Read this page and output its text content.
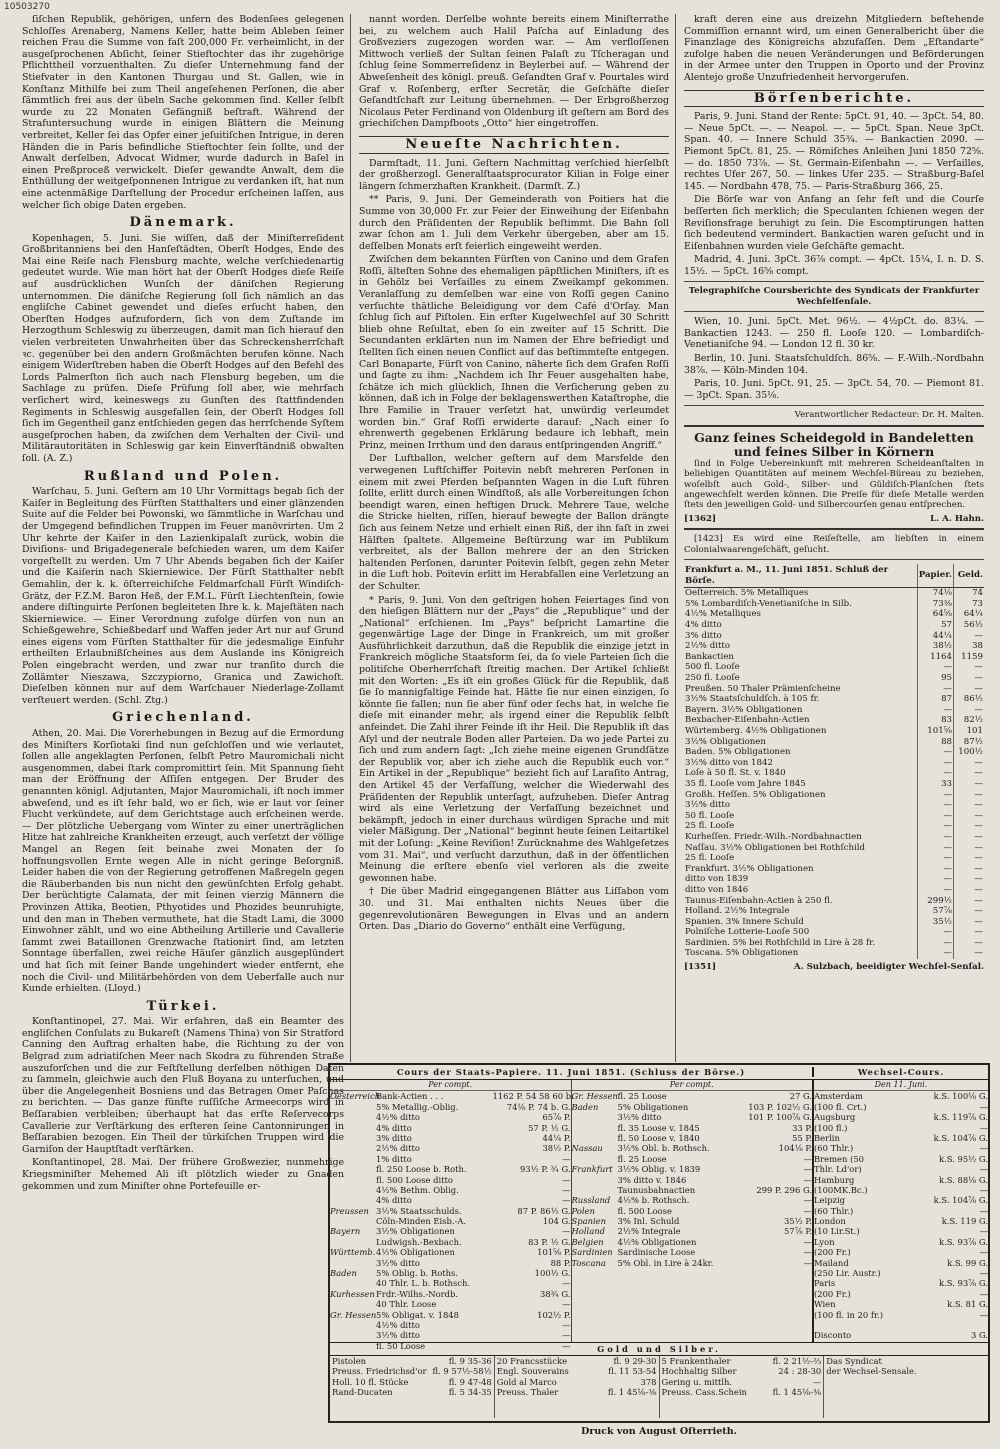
10503270

ſiſchen Republik, gehörigen, unfern des Bodenſees gelegenen Schloſſes Arenaberg, Namens Keller, hatte beim Ableben ſeiner reichen Frau die Summe von faſt 200,000 Fr. verheimlicht, in der ausgeſprochenen Abſicht, ſeiner Stieftochter das ihr zugehörige Pflichttheil vorzuenthalten. Zu dieſer Unternehmung fand der Stiefvater in den Kantonen Thurgau und St. Gallen, wie in Konſtanz Mithilfe bei zum Theil angeſehenen Perſonen, die aber ſämmtlich frei aus der übeln Sache gekommen ſind. Keller ſelbſt wurde zu 22 Monaten Gefängniß beſtraft. Während der Strafuntersuchung wurde in einigen Blättern die Meinung verbreitet, Keller ſei das Opfer einer jeſuitiſchen Intrigue, in deren Händen die in Paris befindliche Stieftochter ſein ſollte, und der Anwalt derſelben, Advocat Widmer, wurde dadurch in Baſel in einen Preßproceß verwickelt. Dieſer gewandte Anwalt, dem die Enthüllung der weitgeſponnenen Intrigue zu verdanken iſt, hat nun eine actenmäßige Darſtellung der Procedur erſcheinen laſſen, aus welcher ſich obige Daten ergeben.

Dänemark.

Kopenhagen, 5. Juni. Sie wiſſen, daß der Miniſterreſident Großbritanniens bei den Hanſeſtädten, Oberſt Hodges, Ende des Mai eine Reiſe nach Flensburg machte, welche verſchiedenartig gedeutet wurde. Wie man hört hat der Oberſt Hodges dieſe Reiſe auf ausdrücklichen Wunſch der däniſchen Regierung unternommen. Die däniſche Regierung ſoll ſich nämlich an das engliſche Cabinet gewendet und dieſes erſucht haben, den Oberſten Hodges aufzufordern, ſich von dem Zuſtande im Herzogthum Schleswig zu überzeugen, damit man ſich hierauf den vielen verbreiteten Unwahrheiten über das Schreckensherrſchaft ꝛc. gegenüber bei den andern Großmächten berufen könne. Nach einigem Widerſtreben haben die Oberſt Hodges auf den Befehl des Lords Palmerſton ſich auch nach Flensburg begeben, um die Sachlage zu prüfen. Dieſe Prüfung ſoll aber, wie mehrfach verſichert wird, keineswegs zu Gunſten des ſtattfindenden Regiments in Schleswig ausgefallen ſein, der Oberſt Hodges ſoll ſich im Gegentheil ganz entſchieden gegen das herrſchende Syſtem ausgeſprochen haben, da zwiſchen dem Verhalten der Civil- und Militärautoritäten in Schleswig gar kein Einverſtändniß obwalten ſoll. (A. Z.)

Rußland und Polen.

Warſchau, 5. Juni. Geſtern am 10 Uhr Vormittags begab ſich der Kaiſer in Begleitung des Fürſten Statthalters und einer glänzenden Suite auf die Felder bei Powonski, wo ſämmtliche in Warſchau und der Umgegend befindlichen Truppen im Feuer manövrirten. Um 2 Uhr kehrte der Kaiſer in den Lazienkipalaſt zurück, wobin die Diviſions- und Brigadegenerale beſchieden waren, um dem Kaiſer vorgeſtellt zu werden. Um 7 Uhr Abends begaben ſich der Kaiſer und die Kaiſerin nach Skierniewice. Der Fürſt Statthalter nebſt Gemahlin, der k. k. öſterreichiſche Feldmarſchall Fürſt Windiſch-Grätz, der F.Z.M. Baron Heß, der F.M.L. Fürſt Liechtenſtein, ſowie andere diſtinguirte Perſonen begleiteten Ihre k. k. Majeſtäten nach Skierniewice. — Einer Verordnung zufolge dürfen von nun an Schießgewehre, Schießbedarf und Waffen jeder Art nur auf Grund eines eigens vom Fürſten Statthalter für die jedesmalige Einfuhr ertheilten Erlaubnißſcheines aus dem Auslande ins Königreich Polen eingebracht werden, und zwar nur tranſito durch die Zollämter Nieszawa, Szczypiorno, Granica und Zawichoſt. Dieſelben können nur auf dem Warſchauer Niederlage-Zollamt verſteuert werden. (Schl. Ztg.)

Griechenland.

Athen, 20. Mai. Die Vorerhebungen in Bezug auf die Ermordung des Miniſters Korſiotaki ſind nun geſchloſſen und wie verlautet, ſollen alle angeklagten Perſonen, ſelbſt Petro Mauromichali nicht ausgenommen, dabei ſtark compromittirt ſein. Mit Spannung ſieht man der Eröffnung der Aſſiſen entgegen. Der Bruder des genannten königl. Adjutanten, Major Mauromichali, iſt noch immer abweſend, und es iſt ſehr bald, wo er ſich, wie er laut vor ſeiner Flucht verkündete, auf dem Gerichtstage auch erſcheinen werde. — Der plötzliche Uebergang vom Winter zu einer unerträglichen Hitze hat zahlreiche Krankheiten erzeugt, auch verſetzt der völlige Mangel an Regen ſeit beinahe zwei Monaten der ſo hoffnungsvollen Ernte wegen Alle in nicht geringe Beſorgniß. Leider haben die von der Regierung getroffenen Maßregeln gegen die Räuberbanden bis nun nicht den gewünſchten Erfolg gehabt. Der berüchtigte Calamata, der mit ſeinen vierzig Männern die Provinzen Attika, Beotien, Pthyotides und Phozides beunruhigte, und den man in Theben vermuthete, hat die Stadt Lami, die 3000 Einwohner zählt, und wo eine Abtheilung Artillerie und Cavallerie ſammt zwei Bataillonen Grenzwache ſtationirt ſind, am letzten Sonntage überfallen, zwei reiche Häuſer gänzlich ausgeplündert und hat ſich mit ſeiner Bande ungehindert wieder entfernt, ehe noch die Civil- und Militärbehörden von dem Ueberfalle auch nur Kunde erhielten. (Lloyd.)

Türkei.

Konſtantinopel, 27. Mai. Wir erfahren, daß ein Beamter des engliſchen Conſulats zu Bukareſt (Namens Thina) von Sir Stratford Canning den Auftrag erhalten habe, die Richtung zu der von Belgrad zum adriatiſchen Meer nach Skodra zu führenden Straße auszuforſchen und die zur Feſtſtellung derſelben nöthigen Daten zu ſammeln, gleichwie auch den Fluß Boyana zu unterſuchen, und über die Angelegenheit Bosniens und das Betragen Omer Paſchas zu berichten. — Das ganze fünfte ruſſiſche Armeecorps wird in Beſſarabien verbleiben; überhaupt hat das erſte Reſervecorps Cavallerie zur Verſtärkung des erſteren ſeine Cantonnirungen in Beſſarabien bezogen. Ein Theil der türkiſchen Truppen wird die Garniſon der Hauptſtadt verſtärken.

Konſtantinopel, 28. Mai. Der frühere Großwezier, nunmehrige Kriegsminiſter Mehemed Ali iſt plötzlich wieder zu Gnaden gekommen und zum Miniſter ohne Portefeuille er-

nannt worden. Derſelbe wohnte bereits einem Miniſterrathe bei, zu welchem auch Halil Paſcha auf Einladung des Großveziers zugezogen worden war. — Am verfloſſenen Mittwoch verließ der Sultan ſeinen Palaſt zu Tſcheragan und ſchlug ſeine Sommerreſidenz in Beylerbei auf. — Während der Abweſenheit des königl. preuß. Geſandten Graf v. Pourtales wird Graf v. Roſenberg, erſter Secretär, die Geſchäfte dieſer Geſandtſchaft zur Leitung übernehmen. — Der Erbgroßherzog Nicolaus Peter Ferdinand von Oldenburg iſt geſtern am Bord des griechiſchen Dampfboots „Otto“ hier eingetroffen.

Neueſte Nachrichten.

Darmſtadt, 11. Juni. Geſtern Nachmittag verſchied hierſelbſt der großherzogl. Generalſtaatsprocurator Kilian in Folge einer längern ſchmerzhaften Krankheit. (Darmſt. Z.)

** Paris, 9. Juni. Der Gemeinderath von Poitiers hat die Summe von 30,000 Fr. zur Feier der Einweihung der Eiſenbahn durch den Präſidenten der Republik beſtimmt. Die Bahn ſoll zwar ſchon am 1. Juli dem Verkehr übergeben, aber am 15. deſſelben Monats erſt feierlich eingeweiht werden.

Zwiſchen dem bekannten Fürſten von Canino und dem Grafen Roſſi, älteſten Sohne des ehemaligen päpſtlichen Miniſters, iſt es in Gehölz bei Verſailles zu einem Zweikampf gekommen. Veranlaſſung zu demſelben war eine von Roſſi gegen Canino verſuchte thätliche Beleidigung vor dem Café d'Orſay. Man ſchlug ſich auf Piſtolen. Ein erſter Kugelwechſel auf 30 Schritt blieb ohne Reſultat, eben ſo ein zweiter auf 15 Schritt. Die Secundanten erklärten nun im Namen der Ehre befriedigt und ſtellten ſich einen neuen Conflict auf das beſtimmteſte entgegen. Carl Bonaparte, Fürſt von Canino, näherte ſich dem Grafen Roſſi und ſagte zu ihm: „Nachdem ich Ihr Feuer ausgehalten habe, ſchätze ich mich glücklich, Ihnen die Verſicherung geben zu können, daß ich in Folge der beklagenswerthen Kataſtrophe, die Ihre Familie in Trauer verſetzt hat, unwürdig verleumdet worden bin.“ Graf Roſſi erwiderte darauf: „Nach einer ſo ehrenwerth gegebenen Erklärung bedaure ich lebhaft, mein Prinz, meinen Irrthum und den daraus entſpringenden Angriff.“

Der Luftballon, welcher geſtern auf dem Marsfelde den verwegenen Luftſchiffer Poitevin nebſt mehreren Perſonen in einem mit zwei Pferden beſpannten Wagen in die Luft führen ſollte, erlitt durch einen Windſtoß, als alle Vorbereitungen ſchon beendigt waren, einen heftigen Druck. Mehrere Taue, welche die Stricke hielten, riſſen, hierauf bewegte der Ballon drängte ſich aus ſeinem Netze und erhielt einen Riß, der ihn faſt in zwei Hälften ſpaltete. Allgemeine Beſtürzung war im Publikum verbreitet, als der Ballon mehrere der an den Stricken haltenden Perſonen, darunter Poitevin ſelbſt, gegen zehn Meter in die Luft hob. Poitevin erlitt im Herabfallen eine Verletzung an der Schulter.

* Paris, 9. Juni. Von den geſtrigen hohen Feiertages ſind von den hieſigen Blättern nur der „Pays“ die „Republique“ und der „National“ erſchienen. Im „Pays“ beſpricht Lamartine die gegenwärtige Lage der Dinge in Frankreich, um mit großer Ausführlichkeit darzuthun, daß die Republik die einzige jetzt in Frankreich mögliche Staatsform ſei, da ſo viele Parteien ſich die politiſche Oberherrſchaft ſtreitig machen. Der Artikel ſchließt mit den Worten: „Es iſt ein großes Glück für die Republik, daß ſie ſo mannigfaltige Feinde hat. Hätte ſie nur einen einzigen, ſo könnte ſie fallen; nun ſie aber fünf oder ſechs hat, in welche ſie dieſe mit einander mehr, als irgend einer die Republik ſelbſt anfeindet. Die Zahl ihrer Feinde iſt ihr Heil. Die Republik iſt das Aſyl und der neutrale Boden aller Parteien. Da wo jede Partei zu ſich und zum andern ſagt: „Ich ziehe meine eigenen Grundſätze der Republik vor, aber ich ziehe auch die Republik euch vor.“ Ein Artikel in der „Republique“ bezieht ſich auf Laraſito Antrag, den Artikel 45 der Verfaſſung, welcher die Wiederwahl des Präſidenten der Republik unterſagt, aufzuheben. Dieſer Antrag wird als eine Verletzung der Verfaſſung bezeichnet und bekämpft, jedoch in einer durchaus würdigen Sprache und mit vieler Mäßigung. Der „National“ beginnt heute ſeinen Leitartikel mit der Loſung: „Keine Reviſion! Zurücknahme des Wahlgeſetzes vom 31. Mai“, und verſucht darzuthun, daß in der öffentlichen Meinung die erſtere ebenſo viel verloren als die zweite gewonnen habe.

† Die über Madrid eingegangenen Blätter aus Liſſabon vom 30. und 31. Mai enthalten nichts Neues über die gegenrevolutionären Bewegungen in Elvas und an andern Orten. Das „Diario do Governo“ enthält eine Verfügung,

kraft deren eine aus dreizehn Mitgliedern beſtehende Commiſſion ernannt wird, um einen Generalbericht über die Finanzlage des Königreichs abzufaſſen. Dem „Eſtandarte“ zufolge haben die neuen Veränderungen und Beförderungen in der Armee unter den Truppen in Oporto und der Provinz Alentejo große Unzufriedenheit hervorgerufen.

Börſenberichte.

Paris, 9. Juni. Stand der Rente: 5pCt. 91, 40. — 3pCt. 54, 80. — Neue 5pCt. —. — Neapol. —. — 5pCt. Span. Neue 3pCt. Span. 40. — Innere Schuld 35¾. — Bankactien 2090. — Piemont 5pCt. 81, 25. — Römiſches Anleihen Juni 1850 72⅝. — do. 1850 73⅞. — St. Germain-Eiſenbahn —. — Verſailles, rechtes Ufer 267, 50. — linkes Ufer 235. — Straßburg-Baſel 145. — Nordbahn 478, 75. — Paris-Straßburg 366, 25.

Die Börſe war von Anfang an ſehr feſt und die Courſe beſſerten ſich merklich; die Speculanten ſchienen wegen der Reviſionsfrage beruhigt zu ſein. Die Escomptirungen hatten ſich bedeutend vermindert. Bankactien waren geſucht und in Eiſenbahnen wurden viele Geſchäfte gemacht.

Madrid, 4. Juni. 3pCt. 36⅞ compt. — 4pCt. 15¼, I. n. D. S. 15½. — 5pCt. 16⅝ compt.

Telegraphiſche Coursberichte des Syndicats der Frankfurter Wechſelſenſale.

Wien, 10. Juni. 5pCt. Met. 96½. — 4½pCt. do. 83¼. — Bankactien 1243. — 250 fl. Looſe 120. — Lombardiſch-Venetianiſche 94. — London 12 fl. 30 kr.

Berlin, 10. Juni. Staatsſchuldſch. 86⅝. — F.-Wilh.-Nordbahn 38⅞. — Köln-Minden 104.

Paris, 10. Juni. 5pCt. 91, 25. — 3pCt. 54, 70. — Piemont 81. — 3pCt. Span. 35⅛.

Verantwortlicher Redacteur: Dr. H. Malten.
Ganz feines Scheidegold in Bandeletten und feines Silber in Körnern

ſind in Folge Uebereinkunft mit mehreren Scheideanſtalten in beliebigen Quantitäten auf meinem Wechſel-Büreau zu beziehen, woſelbſt auch Gold-, Silber- und Güldiſch-Planſchen ſtets angewechſelt werden können. Die Preiſe für dieſe Metalle werden ſtets den jeweiligen Gold- und Silbercourſen genau entſprechen.

[1362]	L. A. Hahn.

[1423] Es wird eine Reiſeſtelle, am liebſten in einem Colonialwaarengeſchäft, geſucht.

Frankfurt a. M., 11. Juni 1851. Schluß der Börſe.	Papier.	Geld.
Oeſterreich. 5% Metalliques	74⅛	74
5% Lombardiſch-Venetianiſche in Silb.	73⅜	73
4½% Metalliques	64⅝	64¼
4% ditto	57	56½
3% ditto	44¼	—
2½% ditto	38½	38
Bankactien	1164	1159
500 fl. Looſe	—	—
250 fl. Looſe	95	—
Preußen. 50 Thaler Prämienſcheine	—	—
3½% Staatsſchuldſch. à 105 fr.	87	86½
Bayern. 3½% Obligationen	—	—
Bexbacher-Eiſenbahn-Actien	83	82½
Würtemberg. 4½% Obligationen	101⅝	101
3½% Obligationen	88	87½
Baden. 5% Obligationen	—	100½
3½% ditto von 1842	—	—
Loſe à 50 fl. St. v. 1840	—	—
35 fl. Looſe vom Jahre 1845	33	—
Großh. Heſſen. 5% Obligationen	—	—
3½% ditto	—	—
50 fl. Looſe	—	—
25 fl. Looſe	—	—
Kurheſſen. Friedr.-Wilh.-Nordbahnactien	—	—
Naſſau. 3½% Obligationen bei Rothſchild	—	—
25 fl. Looſe	—	—
Frankfurt. 3½% Obligationen	—	—
ditto von 1839	—	—
ditto von 1846	—	—
Taunus-Eiſenbahn-Actien à 250 fl.	299½	—
Holland. 2½% Integrale	57⅞	—
Spanien. 3% Innere Schuld	35½	—
Polniſche Lotterie-Looſe 500	—	—
Sardinien. 5% bei Rothſchild in Lire à 28 fr.	—	—
Toscana. 5% Obligationen	—	—
[1351]	A. Sulzbach, beeidigter Wechſel-Senſal.
Cours der Staats-Papiere. 11. Juni 1851. (Schluss der Börse.)	Wechsel-Cours.
Per compt.
Oesterreich
Bank-Actien . . .	1162 P. 54 58 60 b.
5% Metallig.-Oblig.	74⅛ P. 74 b. G.
4½% ditto	65⅞ P.
4% ditto	57 P. ½ G.
3% ditto	44¼ P.
2½% ditto	38½ P.
1% ditto	—
fl. 250 Loose b. Roth.	93½ P. ¾ G.
fl. 500 Loose ditto	—
4½% Bethm. Oblig.	—
4% ditto	—
Preussen 3½% Staatsschulds.	87 P. 86½ G.
Cöln-Minden Eisb.-A.	104 G.
Bayern	3½% Obligationen	—
Ludwigsh.-Bexbach.	83 P. ½ G.
Württemb. 4½% Obligationen	101⅝ P.
3½% ditto	88 P.
Baden	5% Oblig. b. Roths.	100½ G.
40 Thlr. L. b. Rothsch.	—
Kurhessen Frdr.-Wilhs.-Nordb.	38¾ G.
40 Thlr. Loose	—
Gr. Hessen 5% Obligat. v. 1848	102½ P.
4½% ditto	—
3½% ditto	—
fl. 50 Loose	—
Per compt.
Gr. Hessen fl. 25 Loose	27 G.
Baden	5% Obligationen	103 P. 102½ G.
3½% ditto	101 P. 100⅞ G.
fl. 35 Loose v. 1845	33 P.
fl. 50 Loose v. 1840	55 P.
Nassau	3½% Obl. b. Rothsch.	104⅛ P.
fl. 25 Loose	—
Frankfurt 3½% Oblig. v. 1839	—
3% ditto v. 1846	—
Taunusbahnactien	299 P. 296 G.
Russland 4½% b. Rothsch.	—
Polen	fl. 500 Loose	—
Spanien	3% Inl. Schuld	35½ P.
Holland	2½% Integrale	57⅞ P.
Belgien	4½% Obligationen	—
Sardinien Sardinische Loose	—
Toscana	5% Obl. in Lire à 24kr.	—
Den 11. Juni.
Amsterdam	k.S. 100⅛ G.
(100 fl. Crt.)	—
Augsburg	k.S. 119⅞ G.
(100 fl.)	—
Berlin	k.S. 104⅞ G.
(60 Thlr.)	—
Bremen (50	k.S. 95½ G.
Thlr. Ld'or)	—
Hamburg	k.S. 88⅛ G.
(100MK.Bc.)	—
Leipzig	k.S. 104⅞ G.
(60 Thlr.)	—
London	k.S. 119 G.
(10 Lir.St.)	—
Lyon	k.S. 93⅞ G.
(200 Fr.)	—
Mailand	k.S. 99 G.
(250 Lir. Austr.)	—
Paris	k.S. 93⅞ G.
(200 Fr.)	—
Wien	k.S. 81 G.
(100 fl. in 20 fr.)	—
Disconto	3 G.
Gold und Silber.
Pistolen	fl. 9 35-36
Preuss. Friedrichsd'or fl. 9 57½-58½
Holl. 10 fl. Stücke	fl. 9 47-48
Rand-Ducaten	fl. 5 34-35
20 Francsstücke	fl. 9 29-30
Engl. Souverains	fl. 11 53-54
Gold al Marco	378
Preuss. Thaler	fl. 1 45⅛-⅜
5 Frankenthaler	fl. 2 21½-⅔
Hochhaltig Silber	24 : 28-30
Gering u. mittlh.	—
Preuss. Cass.Schein	fl. 1 45⅛-⅜
Das Syndicat
der Wechsel-Sensale.
Druck von August Oſterrieth.
